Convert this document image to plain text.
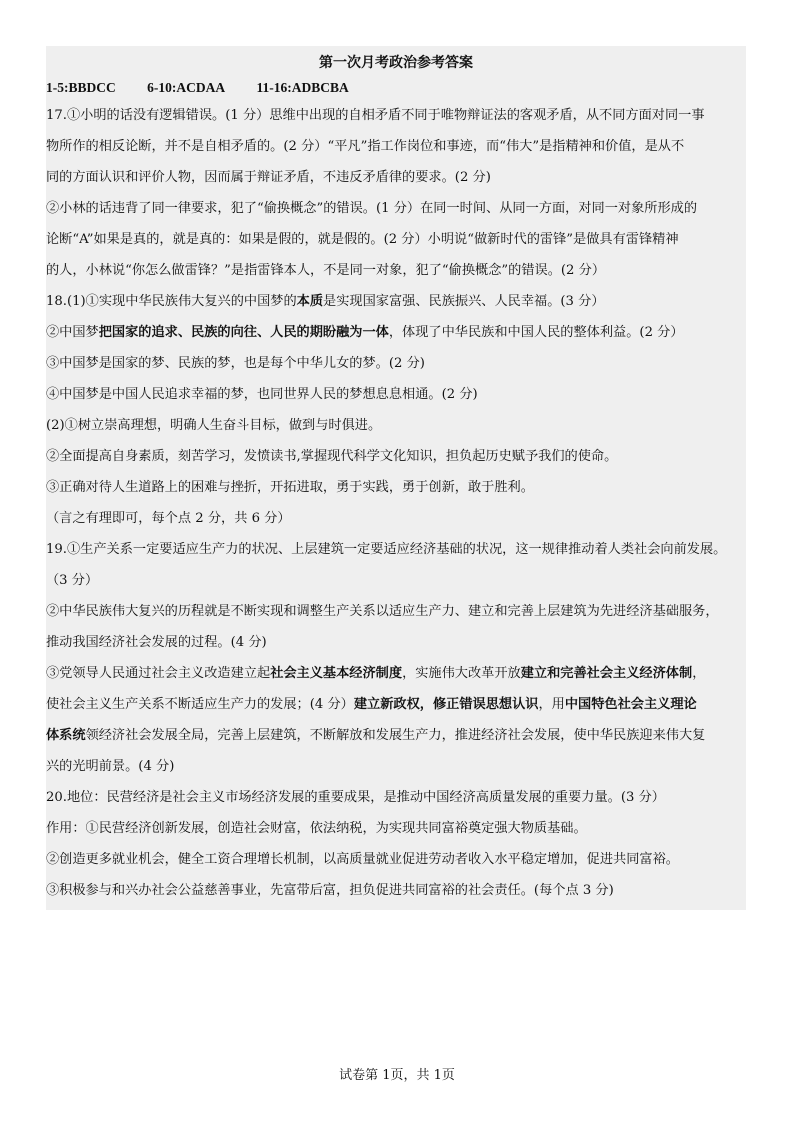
第一次月考政治参考答案
1-5:BBDCC 6-10:ACDAA 11-16:ADBCBA
17.①小明的话没有逻辑错误。(1 分）思维中出现的自相矛盾不同于唯物辩证法的客观矛盾，从不同方面对同一事
物所作的相反论断，并不是自相矛盾的。(2 分）“平凡”指工作岗位和事迹，而“伟大”是指精神和价值，是从不
同的方面认识和评价人物，因而属于辩证矛盾，不违反矛盾律的要求。(2 分)
②小林的话违背了同一律要求，犯了“偷换概念”的错误。(1 分）在同一时间、从同一方面，对同一对象所形成的
论断“A”如果是真的，就是真的：如果是假的，就是假的。(2 分）小明说“做新时代的雷锋”是做具有雷锋精神
的人，小林说“你怎么做雷锋？”是指雷锋本人，不是同一对象，犯了“偷换概念”的错误。(2 分）
18.(1)①实现中华民族伟大复兴的中国梦的本质是实现国家富强、民族振兴、人民幸福。(3 分）
②中国梦把国家的追求、民族的向往、人民的期盼融为一体，体现了中华民族和中国人民的整体利益。(2 分）
③中国梦是国家的梦、民族的梦，也是每个中华儿女的梦。(2 分)
④中国梦是中国人民追求幸福的梦，也同世界人民的梦想息息相通。(2 分)
(2)①树立崇高理想，明确人生奋斗目标，做到与时俱进。
②全面提高自身素质，刻苦学习，发愤读书,掌握现代科学文化知识，担负起历史赋予我们的使命。
③正确对待人生道路上的困难与挫折，开拓进取，勇于实践，勇于创新，敢于胜利。
（言之有理即可，每个点 2 分，共 6 分）
19.①生产关系一定要适应生产力的状况、上层建筑一定要适应经济基础的状况，这一规律推动着人类社会向前发展。
（3 分）
②中华民族伟大复兴的历程就是不断实现和调整生产关系以适应生产力、建立和完善上层建筑为先进经济基础服务，
推动我国经济社会发展的过程。(4 分)
③党领导人民通过社会主义改造建立起社会主义基本经济制度，实施伟大改革开放建立和完善社会主义经济体制，
使社会主义生产关系不断适应生产力的发展；(4 分）建立新政权，修正错误思想认识，用中国特色社会主义理论
体系统领经济社会发展全局，完善上层建筑，不断解放和发展生产力，推进经济社会发展，使中华民族迎来伟大复
兴的光明前景。(4 分)
20.地位：民营经济是社会主义市场经济发展的重要成果，是推动中国经济高质量发展的重要力量。(3 分）
作用：①民营经济创新发展，创造社会财富，依法纳税，为实现共同富裕奠定强大物质基础。
②创造更多就业机会，健全工资合理增长机制，以高质量就业促进劳动者收入水平稳定增加，促进共同富裕。
③积极参与和兴办社会公益慈善事业，先富带后富，担负促进共同富裕的社会责任。(每个点 3 分)
试卷第 1页，共 1页
